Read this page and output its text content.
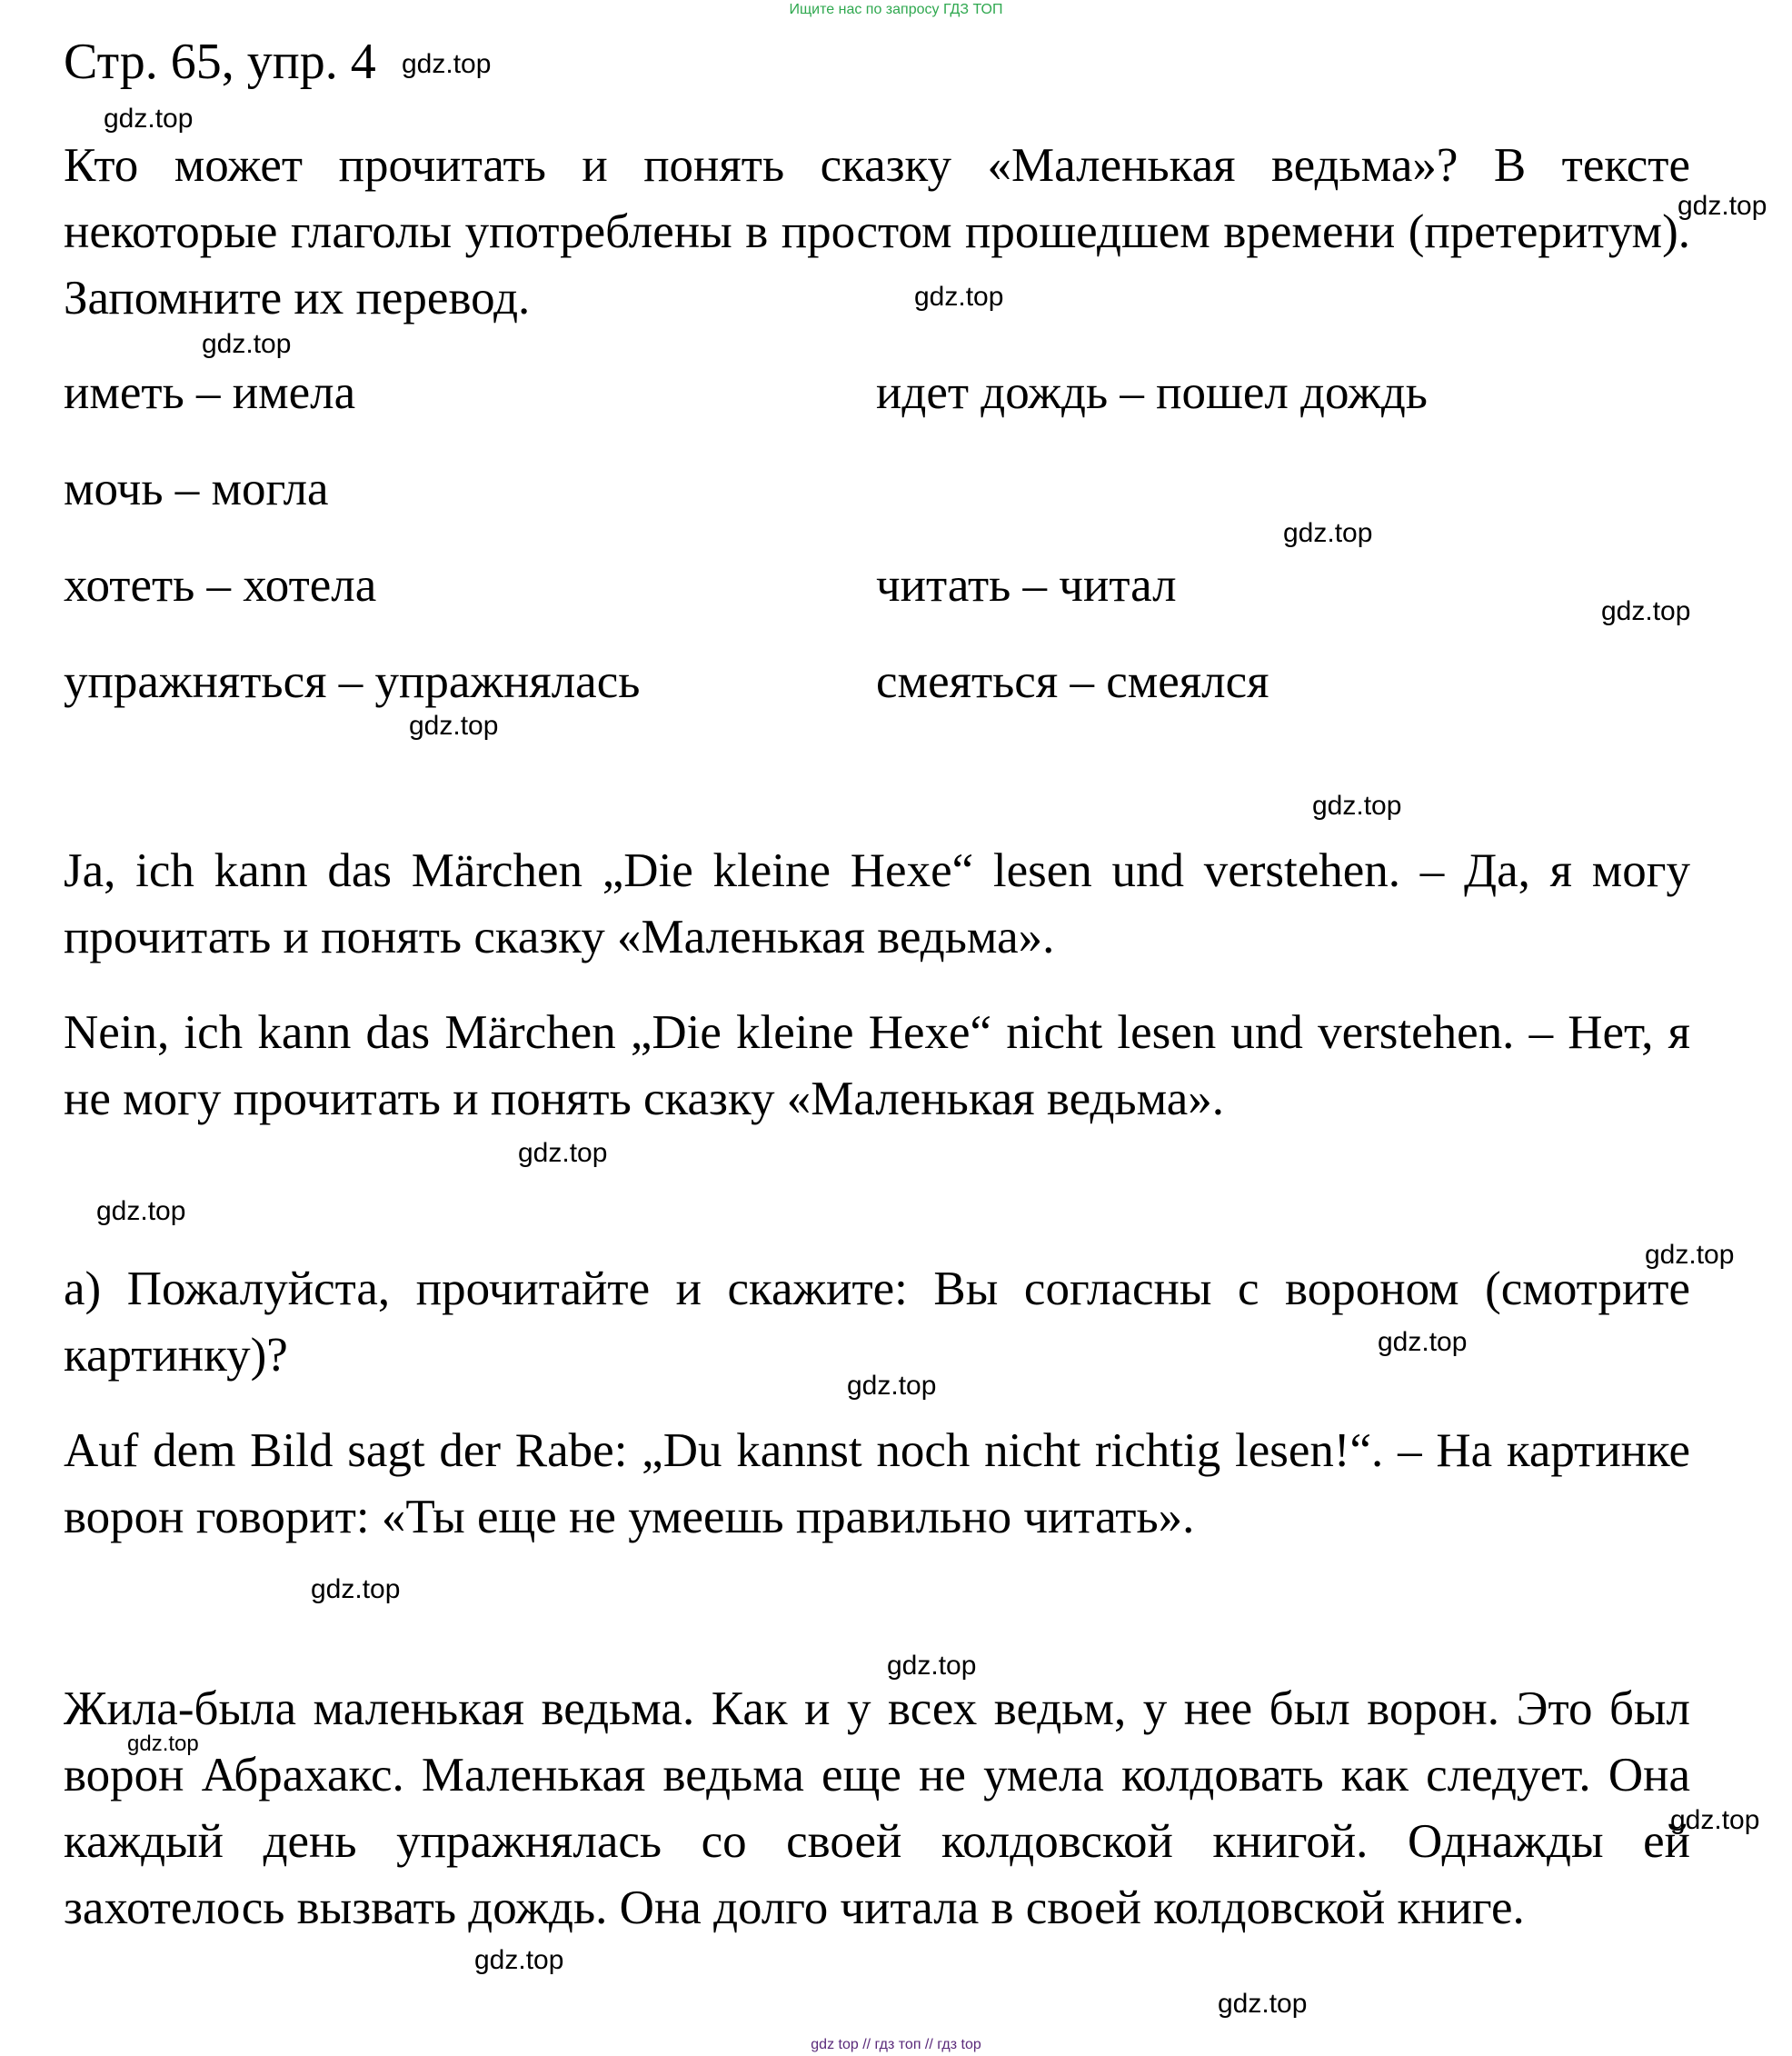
Ищите нас по запросу ГДЗ ТОП
Стр. 65, упр. 4
Кто может прочитать и понять сказку «Маленькая ведьма»? В тексте некоторые глаголы употреблены в простом прошедшем времени (претеритум). Запомните их перевод.
иметь – имела
мочь – могла
хотеть – хотела
упражняться – упражнялась
идет дождь – пошел дождь
читать – читал
смеяться – смеялся
Ja, ich kann das Märchen „Die kleine Hexe“ lesen und verstehen. – Да, я могу прочитать и понять сказку «Маленькая ведьма».
Nein, ich kann das Märchen „Die kleine Hexe“ nicht lesen und verstehen. – Нет, я не могу прочитать и понять сказку «Маленькая ведьма».
a) Пожалуйста, прочитайте и скажите: Вы согласны с вороном (смотрите картинку)?
Auf dem Bild sagt der Rabe: „Du kannst noch nicht richtig lesen!“. – На картинке ворон говорит: «Ты еще не умеешь правильно читать».
Жила-была маленькая ведьма. Как и у всех ведьм, у нее был ворон. Это был ворон Абрахакс. Маленькая ведьма еще не умела колдовать как следует. Она каждый день упражнялась со своей колдовской книгой. Однажды ей захотелось вызвать дождь. Она долго читала в своей колдовской книге.
gdz.top
gdz.top
gdz.top
gdz.top
gdz.top
gdz.top
gdz.top
gdz.top
gdz.top
gdz.top
gdz.top
gdz.top
gdz.top
gdz.top
gdz.top
gdz.top
gdz.top
gdz.top
gdz.top
gdz.top
gdz top // гдз топ // гдз top
